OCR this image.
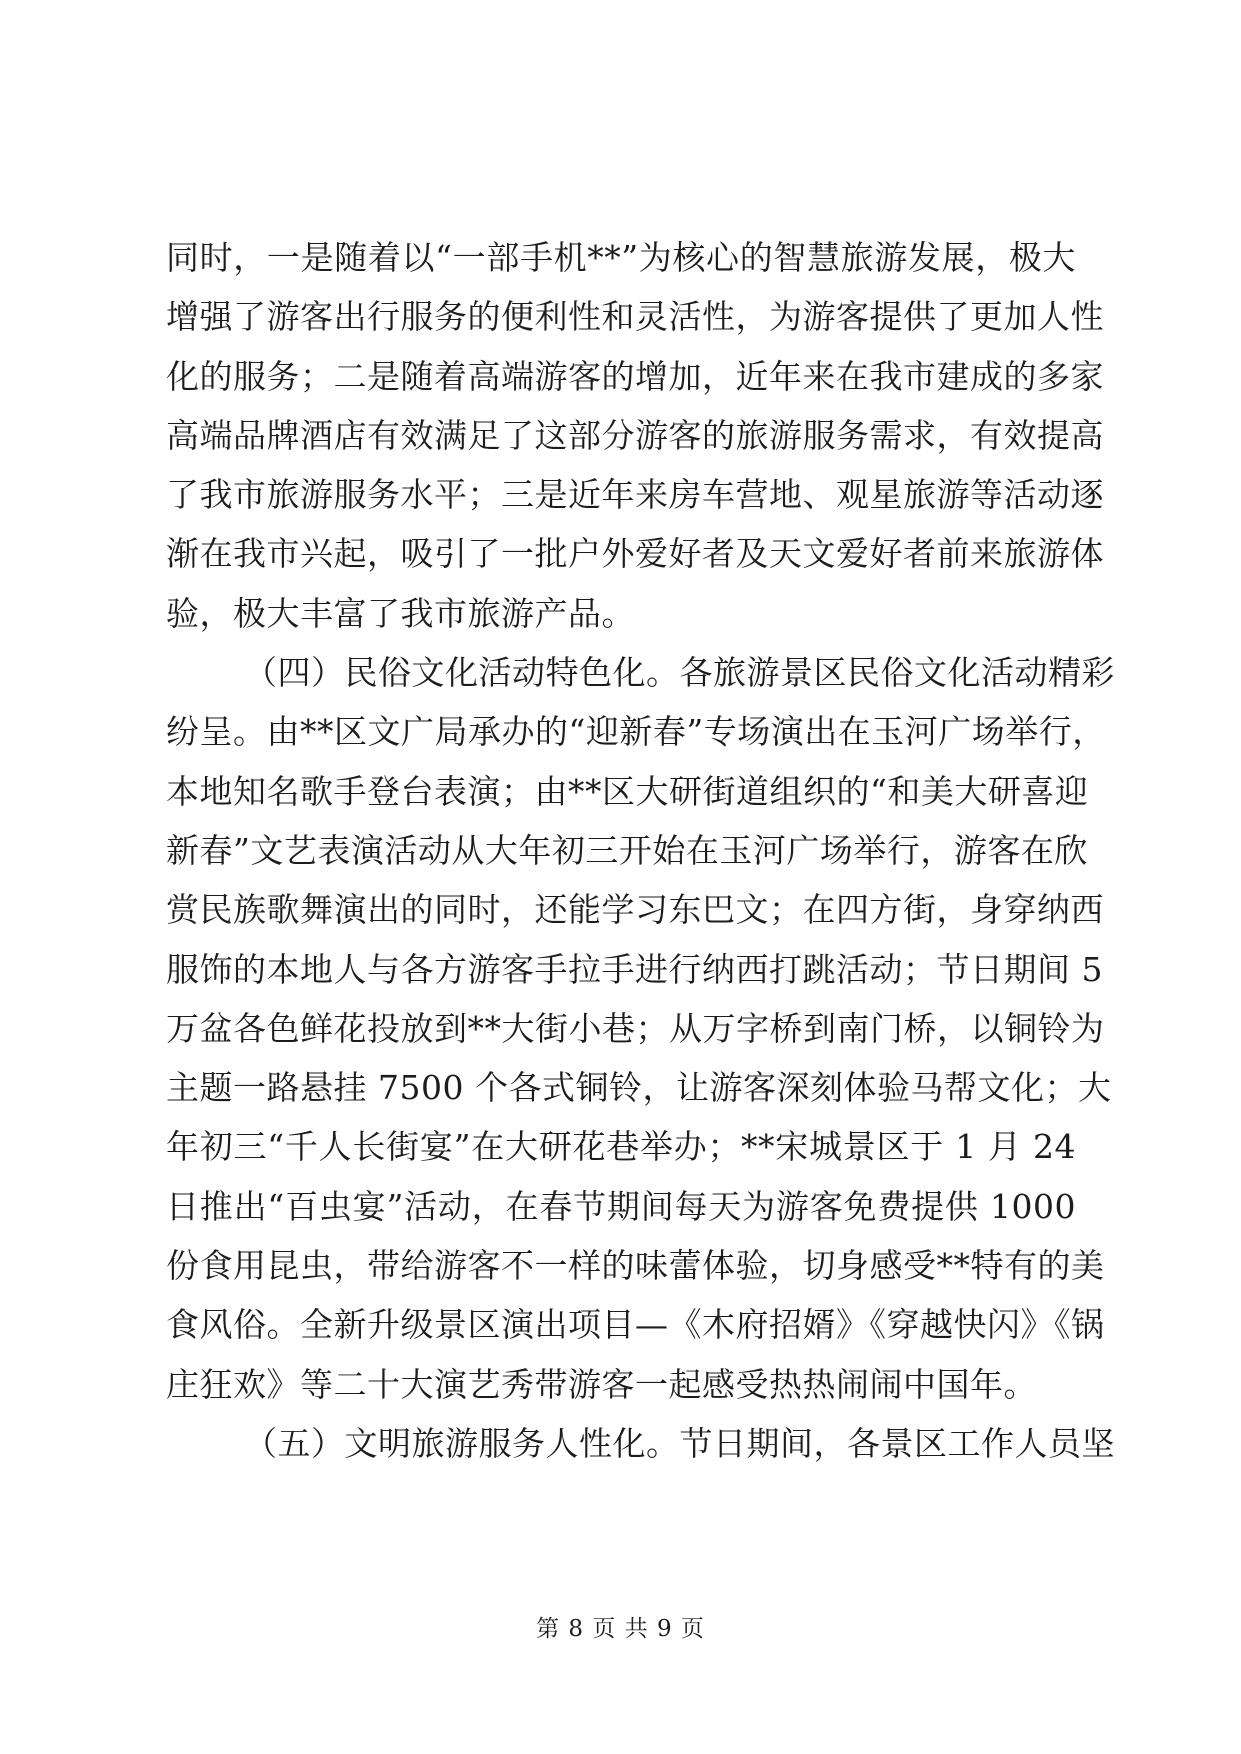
同时，一是随着以“一部手机**”为核心的智慧旅游发展，极大
增强了游客出行服务的便利性和灵活性，为游客提供了更加人性
化的服务；二是随着高端游客的增加，近年来在我市建成的多家
高端品牌酒店有效满足了这部分游客的旅游服务需求，有效提高
了我市旅游服务水平；三是近年来房车营地、观星旅游等活动逐
渐在我市兴起，吸引了一批户外爱好者及天文爱好者前来旅游体
验，极大丰富了我市旅游产品。
（四）民俗文化活动特色化。各旅游景区民俗文化活动精彩
纷呈。由**区文广局承办的“迎新春”专场演出在玉河广场举行，
本地知名歌手登台表演；由**区大研街道组织的“和美大研喜迎
新春”文艺表演活动从大年初三开始在玉河广场举行，游客在欣
赏民族歌舞演出的同时，还能学习东巴文；在四方街，身穿纳西
服饰的本地人与各方游客手拉手进行纳西打跳活动；节日期间 5
万盆各色鲜花投放到**大街小巷；从万字桥到南门桥，以铜铃为
主题一路悬挂 7500 个各式铜铃，让游客深刻体验马帮文化；大
年初三“千人长街宴”在大研花巷举办；**宋城景区于 1 月 24
日推出“百虫宴”活动，在春节期间每天为游客免费提供 1000
份食用昆虫，带给游客不一样的味蕾体验，切身感受**特有的美
食风俗。全新升级景区演出项目—《木府招婿》《穿越快闪》《锅
庄狂欢》等二十大演艺秀带游客一起感受热热闹闹中国年。
（五）文明旅游服务人性化。节日期间，各景区工作人员坚
第 8 页 共 9 页
